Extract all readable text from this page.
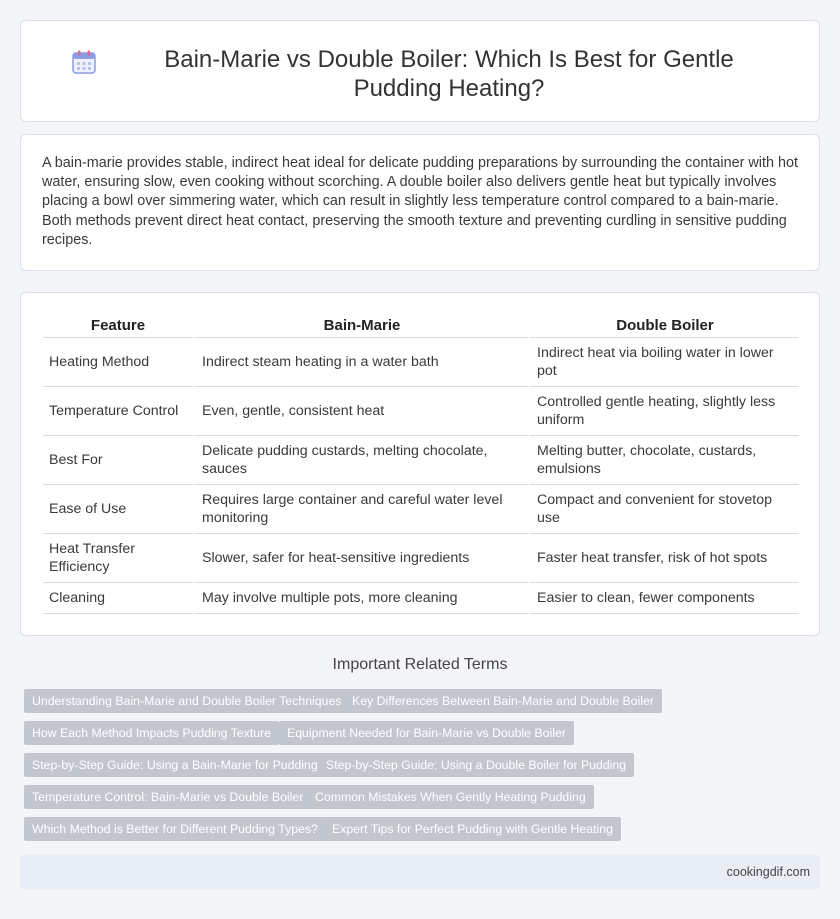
Bain-Marie vs Double Boiler: Which Is Best for Gentle Pudding Heating?

A bain-marie provides stable, indirect heat ideal for delicate pudding preparations by surrounding the container with hot water, ensuring slow, even cooking without scorching. A double boiler also delivers gentle heat but typically involves placing a bowl over simmering water, which can result in slightly less temperature control compared to a bain-marie. Both methods prevent direct heat contact, preserving the smooth texture and preventing curdling in sensitive pudding recipes.

Feature	Bain-Marie	Double Boiler
Heating Method	Indirect steam heating in a water bath	Indirect heat via boiling water in lower pot
Temperature Control	Even, gentle, consistent heat	Controlled gentle heating, slightly less uniform
Best For	Delicate pudding custards, melting chocolate, sauces	Melting butter, chocolate, custards, emulsions
Ease of Use	Requires large container and careful water level monitoring	Compact and convenient for stovetop use
Heat Transfer Efficiency	Slower, safer for heat-sensitive ingredients	Faster heat transfer, risk of hot spots
Cleaning	May involve multiple pots, more cleaning	Easier to clean, fewer components
Important Related Terms
Understanding Bain-Marie and Double Boiler Techniques Key Differences Between Bain-Marie and Double Boiler
How Each Method Impacts Pudding Texture	Equipment Needed for Bain-Marie vs Double Boiler
Step-by-Step Guide: Using a Bain-Marie for Pudding Step-by-Step Guide: Using a Double Boiler for Pudding
Temperature Control: Bain-Marie vs Double Boiler Common Mistakes When Gently Heating Pudding
Which Method is Better for Different Pudding Types?	Expert Tips for Perfect Pudding with Gentle Heating
cookingdif.com
